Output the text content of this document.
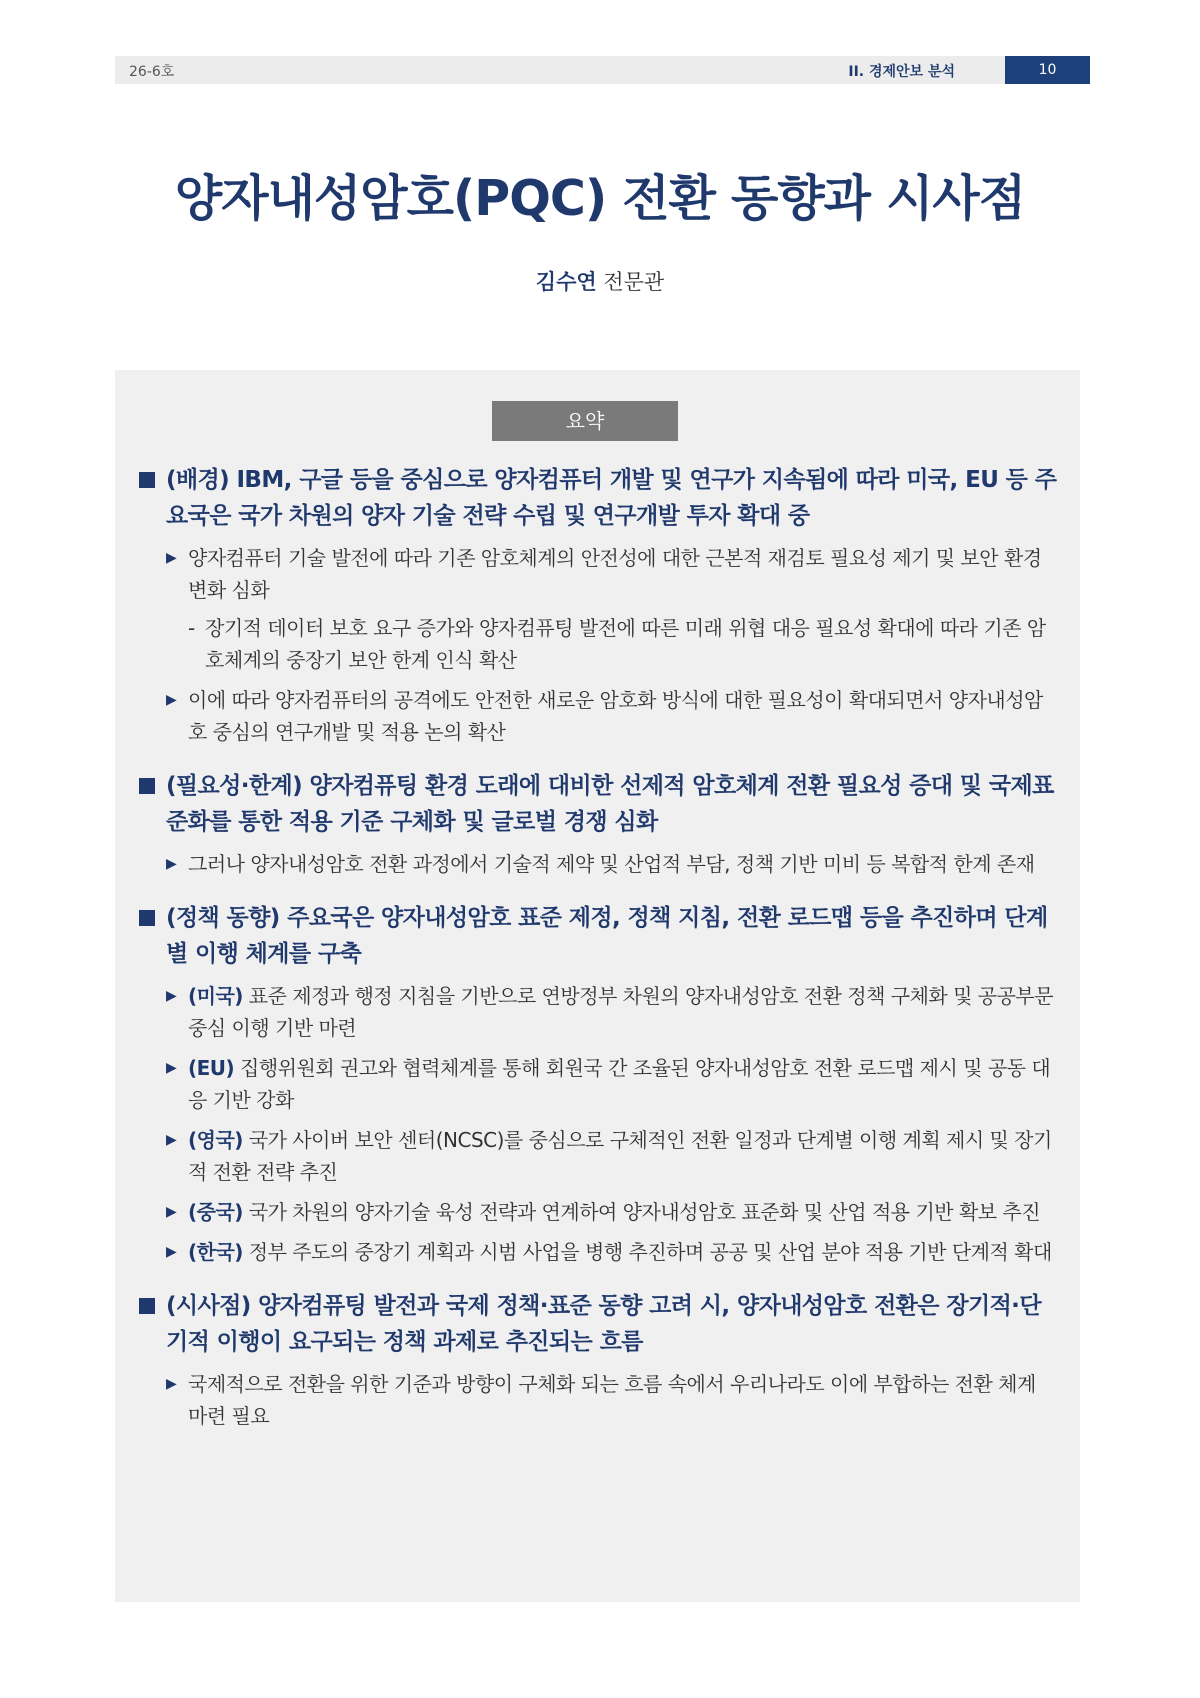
26-6호	II. 경제안보 분석	10
양자내성암호(PQC) 전환 동향과 시사점
김수연 전문관
요약
(배경) IBM, 구글 등을 중심으로 양자컴퓨터 개발 및 연구가 지속됨에 따라 미국, EU 등 주요국은 국가 차원의 양자 기술 전략 수립 및 연구개발 투자 확대 중
▶ 양자컴퓨터 기술 발전에 따라 기존 암호체계의 안전성에 대한 근본적 재검토 필요성 제기 및 보안 환경 변화 심화
- 장기적 데이터 보호 요구 증가와 양자컴퓨팅 발전에 따른 미래 위협 대응 필요성 확대에 따라 기존 암호체계의 중장기 보안 한계 인식 확산
▶ 이에 따라 양자컴퓨터의 공격에도 안전한 새로운 암호화 방식에 대한 필요성이 확대되면서 양자내성암호 중심의 연구개발 및 적용 논의 확산
(필요성·한계) 양자컴퓨팅 환경 도래에 대비한 선제적 암호체계 전환 필요성 증대 및 국제표준화를 통한 적용 기준 구체화 및 글로벌 경쟁 심화
▶ 그러나 양자내성암호 전환 과정에서 기술적 제약 및 산업적 부담, 정책 기반 미비 등 복합적 한계 존재
(정책 동향) 주요국은 양자내성암호 표준 제정, 정책 지침, 전환 로드맵 등을 추진하며 단계별 이행 체계를 구축
▶ (미국) 표준 제정과 행정 지침을 기반으로 연방정부 차원의 양자내성암호 전환 정책 구체화 및 공공부문 중심 이행 기반 마련
▶ (EU) 집행위원회 권고와 협력체계를 통해 회원국 간 조율된 양자내성암호 전환 로드맵 제시 및 공동 대응 기반 강화
▶ (영국) 국가 사이버 보안 센터(NCSC)를 중심으로 구체적인 전환 일정과 단계별 이행 계획 제시 및 장기적 전환 전략 추진
▶ (중국) 국가 차원의 양자기술 육성 전략과 연계하여 양자내성암호 표준화 및 산업 적용 기반 확보 추진
▶ (한국) 정부 주도의 중장기 계획과 시범 사업을 병행 추진하며 공공 및 산업 분야 적용 기반 단계적 확대
(시사점) 양자컴퓨팅 발전과 국제 정책·표준 동향 고려 시, 양자내성암호 전환은 장기적·단기적 이행이 요구되는 정책 과제로 추진되는 흐름
▶ 국제적으로 전환을 위한 기준과 방향이 구체화 되는 흐름 속에서 우리나라도 이에 부합하는 전환 체계 마련 필요
